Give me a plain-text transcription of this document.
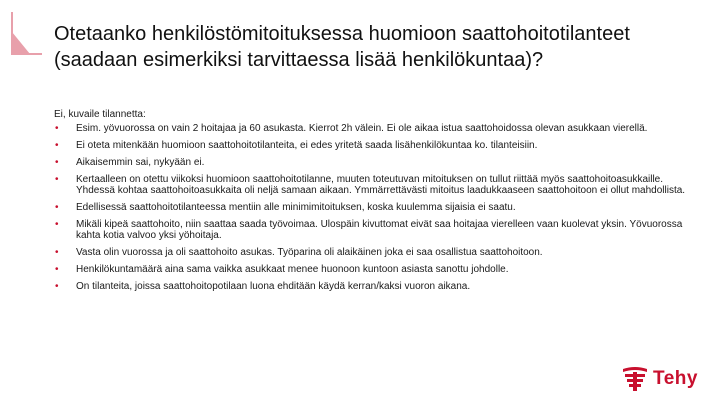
Otetaanko henkilöstömitoituksessa huomioon saattohoitotilanteet (saadaan esimerkiksi tarvittaessa lisää henkilökuntaa)?

Ei, kuvaile tilannetta:

• Esim. yövuorossa on vain 2 hoitajaa ja 60 asukasta. Kierrot 2h välein. Ei ole aikaa istua saattohoidossa olevan asukkaan vierellä.
• Ei oteta mitenkään huomioon saattohoitotilanteita, ei edes yritetä saada lisähenkilökuntaa ko. tilanteisiin.
• Aikaisemmin sai, nykyään ei.
• Kertaalleen on otettu viikoksi huomioon saattohoitotilanne, muuten toteutuvan mitoituksen on tullut riittää myös saattohoitoasukkaille. Yhdessä kohtaa saattohoitoasukkaita oli neljä samaan aikaan. Ymmärrettävästi mitoitus laadukkaaseen saattohoitoon ei ollut mahdollista.
• Edellisessä saattohoitotilanteessa mentiin alle minimimitoituksen, koska kuulemma sijaisia ei saatu.
• Mikäli kipeä saattohoito, niin saattaa saada työvoimaa. Ulospäin kivuttomat eivät saa hoitajaa vierelleen vaan kuolevat yksin. Yövuorossa kahta kotia valvoo yksi yöhoitaja.
• Vasta olin vuorossa ja oli saattohoito asukas. Työparina oli alaikäinen joka ei saa osallistua saattohoitoon.
• Henkilökuntamäärä aina sama vaikka asukkaat menee huonoon kuntoon asiasta sanottu johdolle.
• On tilanteita, joissa saattohoitopotilaan luona ehditään käydä kerran/kaksi vuoron aikana.
Tehy
